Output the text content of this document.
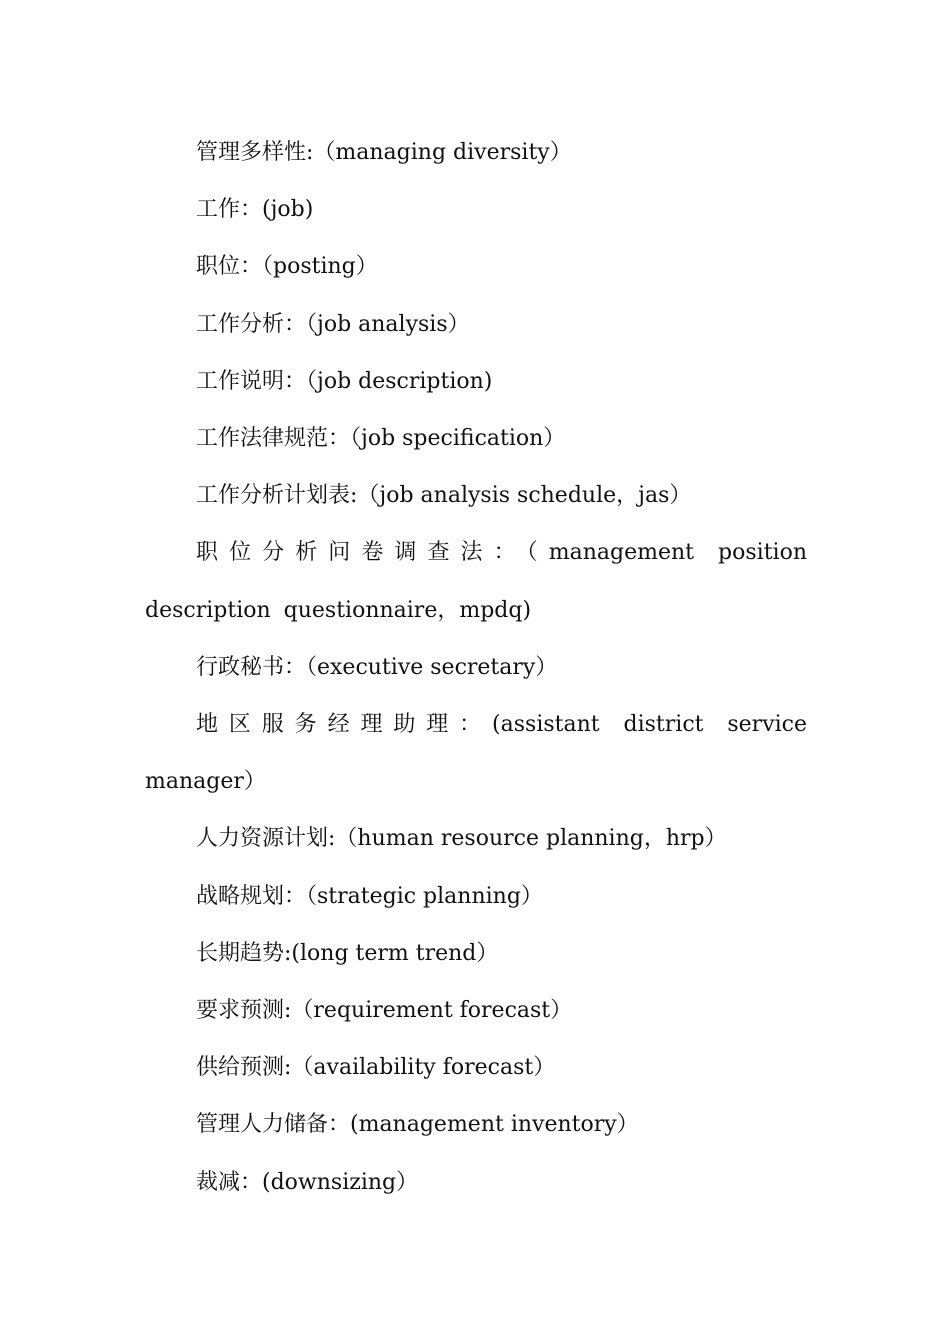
管理多样性:（managing diversity）

工作：(job)

职位：（posting）

工作分析：（job analysis）

工作说明：（job description)

工作法律规范：（job specification）

工作分析计划表:（job analysis schedule，jas）

职位分析问卷调查法：（management position description questionnaire，mpdq)

行政秘书：（executive secretary）

地区服务经理助理：(assistant district service manager）

人力资源计划:（human resource planning，hrp）

战略规划：（strategic planning）

长期趋势:(long term trend）

要求预测:（requirement forecast）

供给预测:（availability forecast）

管理人力储备：(management inventory）

裁减：(downsizing）
